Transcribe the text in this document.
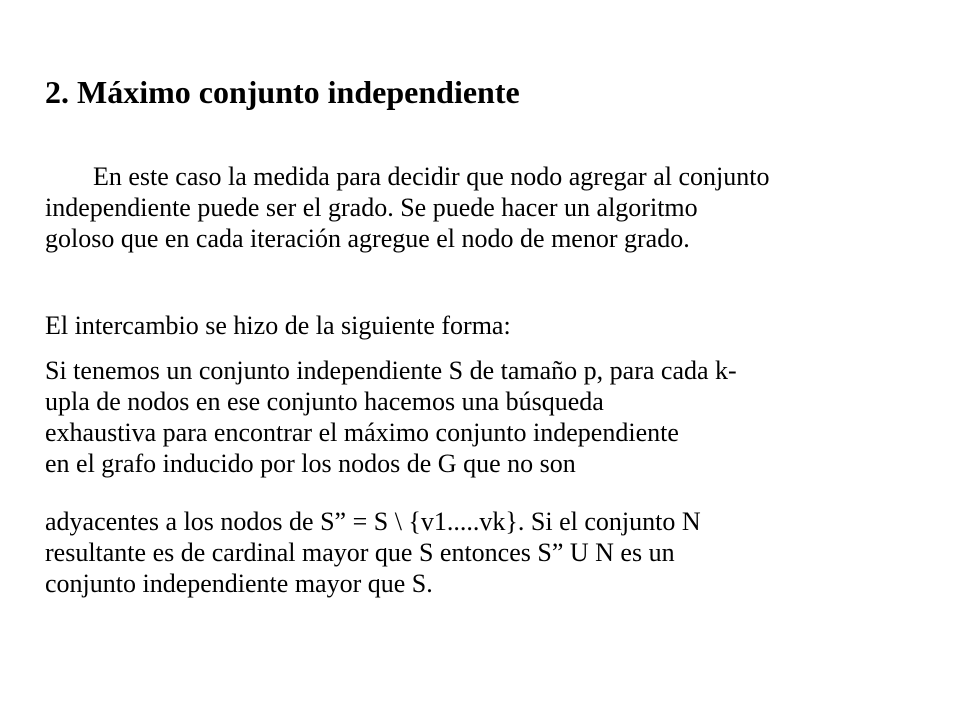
2. Máximo conjunto independiente

En este caso la medida para decidir que nodo agregar al conjunto
independiente puede ser el grado. Se puede hacer un algoritmo
goloso que en cada iteración agregue el nodo de menor grado.

El intercambio se hizo de la siguiente forma:

Si tenemos un conjunto independiente S de tamaño p, para cada k-
upla de nodos en ese conjunto hacemos una búsqueda
exhaustiva para encontrar el máximo conjunto independiente
en el grafo inducido por los nodos de G que no son

adyacentes a los nodos de S” = S \ {v1.....vk}. Si el conjunto N
resultante es de cardinal mayor que S entonces S” U N es un
conjunto independiente mayor que S.
